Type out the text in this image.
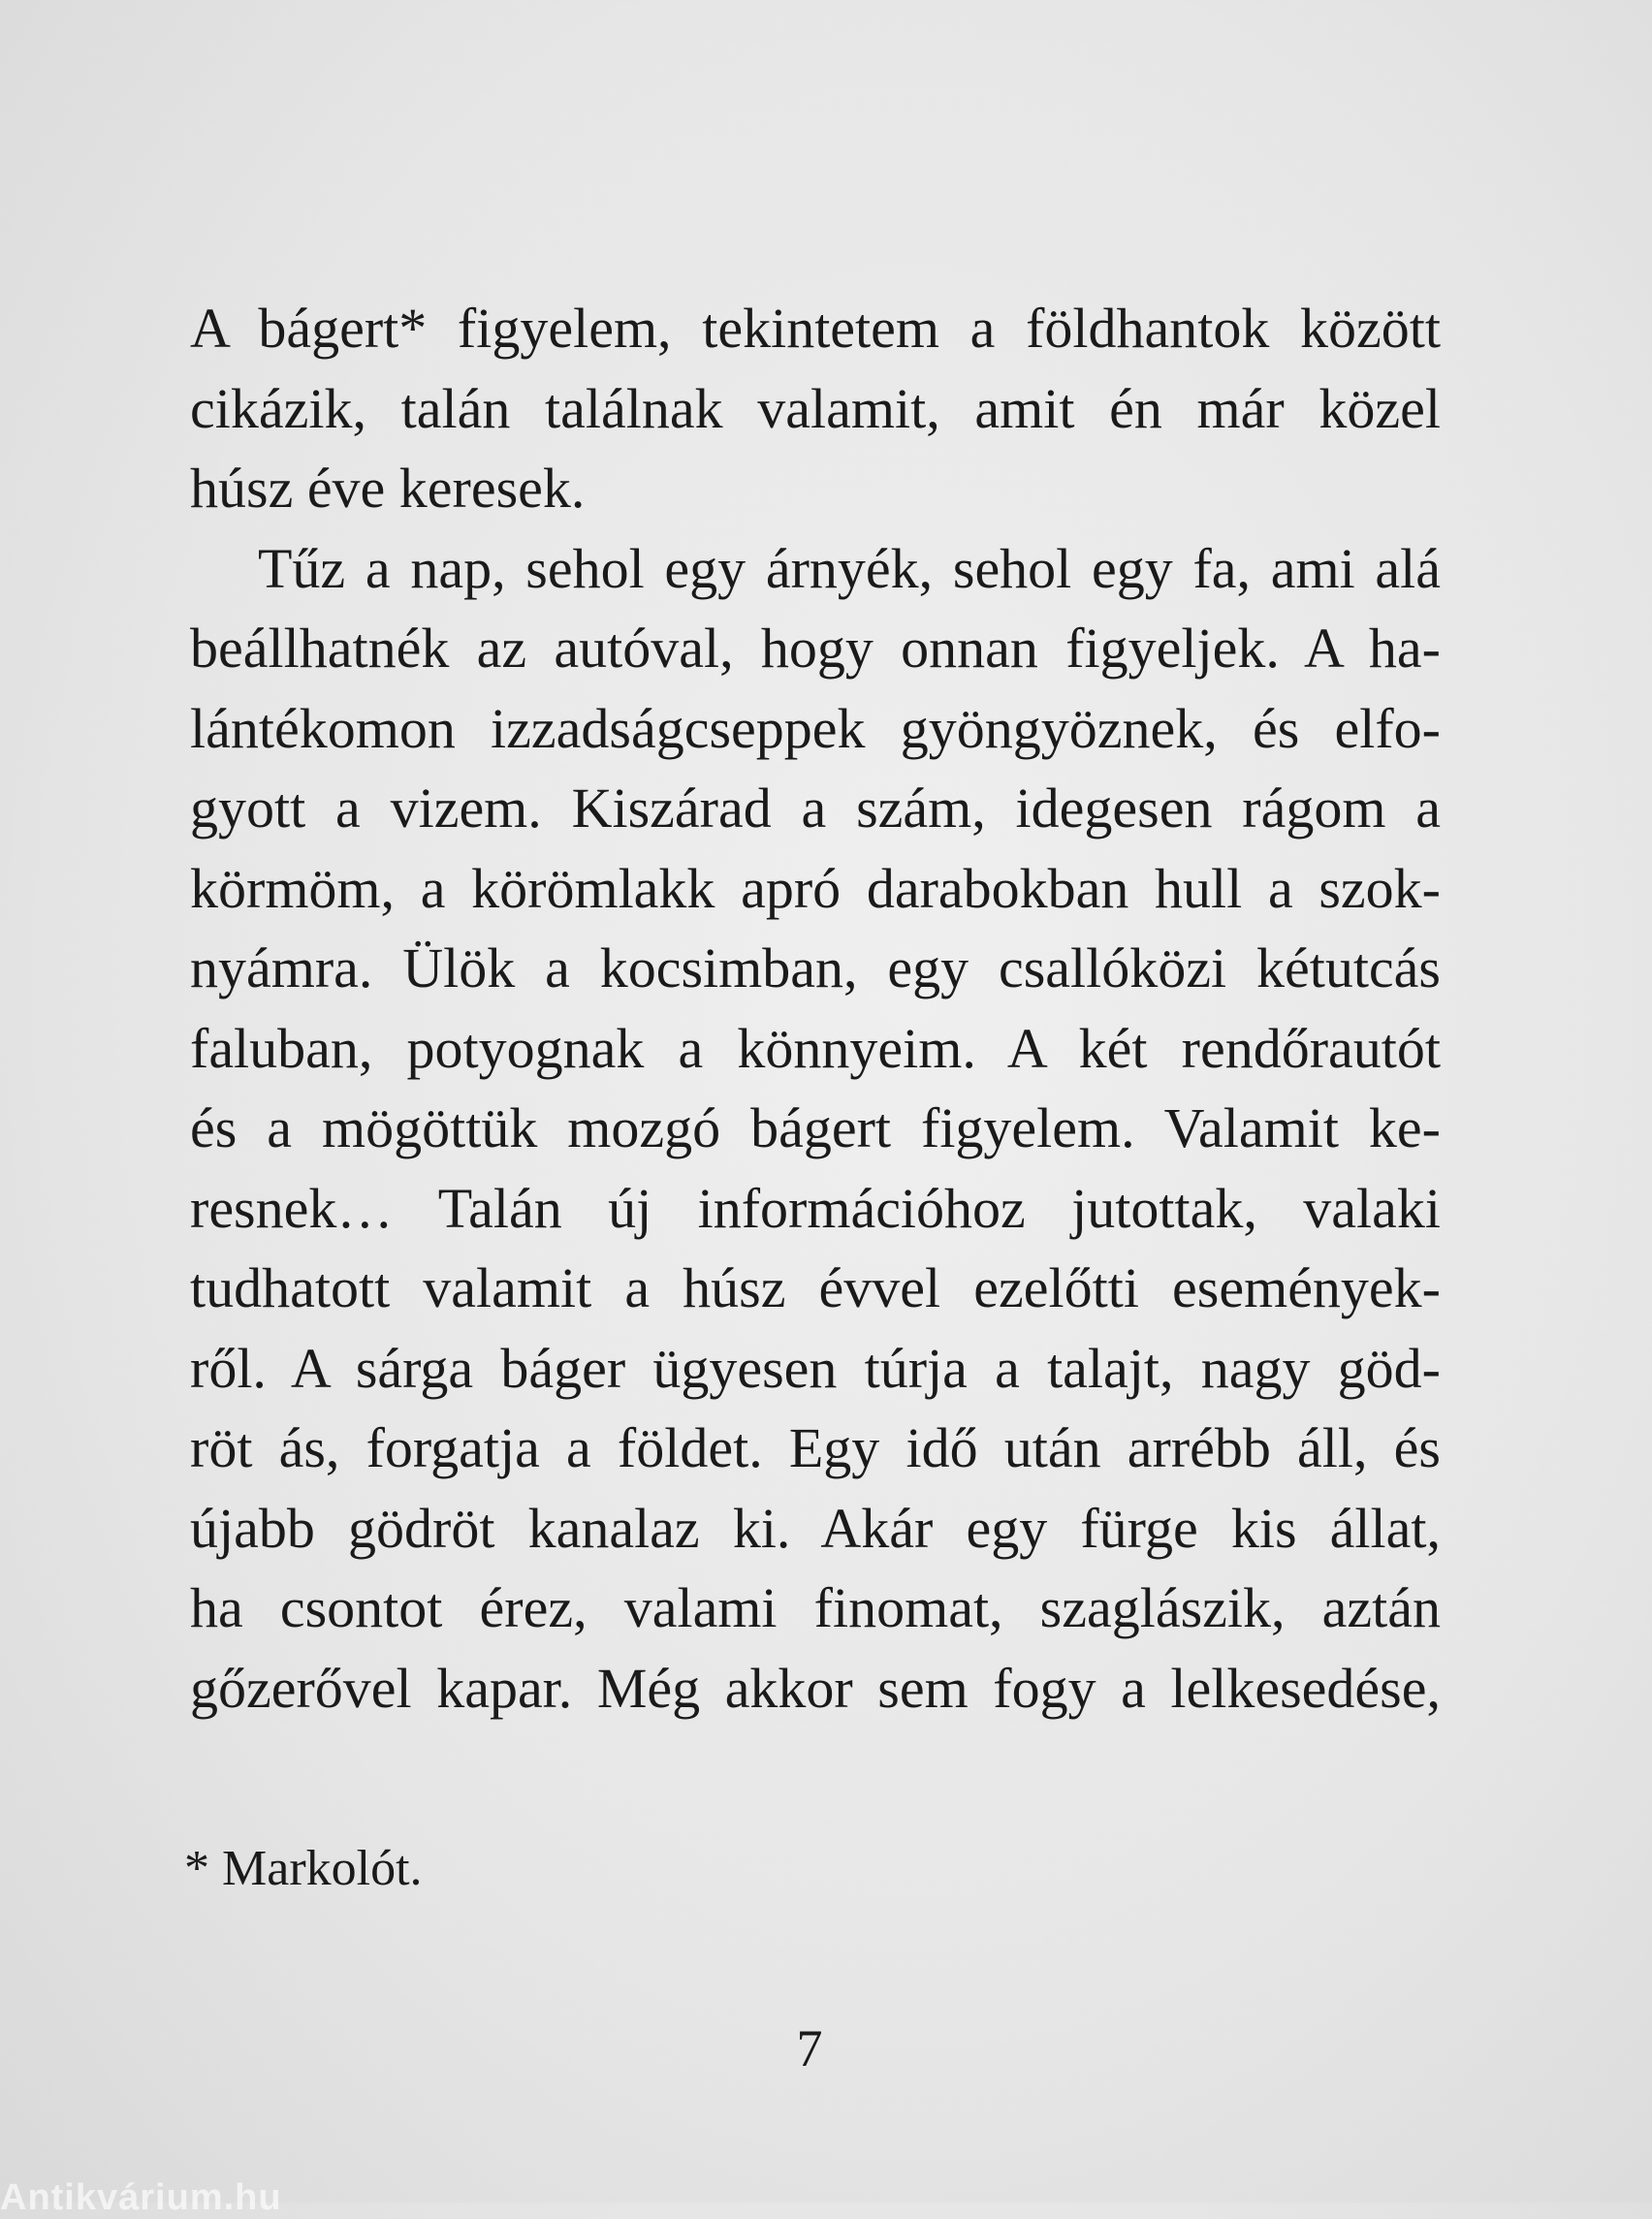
A bágert* figyelem, tekintetem a földhantok között
cikázik, talán találnak valamit, amit én már közel
húsz éve keresek.
Tűz a nap, sehol egy árnyék, sehol egy fa, ami alá
beállhatnék az autóval, hogy onnan figyeljek. A ha-
lántékomon izzadságcseppek gyöngyöznek, és elfo-
gyott a vizem. Kiszárad a szám, idegesen rágom a
körmöm, a körömlakk apró darabokban hull a szok-
nyámra. Ülök a kocsimban, egy csallóközi kétutcás
faluban, potyognak a könnyeim. A két rendőrautót
és a mögöttük mozgó bágert figyelem. Valamit ke-
resnek… Talán új információhoz jutottak, valaki
tudhatott valamit a húsz évvel ezelőtti események-
ről. A sárga báger ügyesen túrja a talajt, nagy göd-
röt ás, forgatja a földet. Egy idő után arrébb áll, és
újabb gödröt kanalaz ki. Akár egy fürge kis állat,
ha csontot érez, valami finomat, szaglászik, aztán
gőzerővel kapar. Még akkor sem fogy a lelkesedése,
* Markolót.
7
Antikvárium.hu
